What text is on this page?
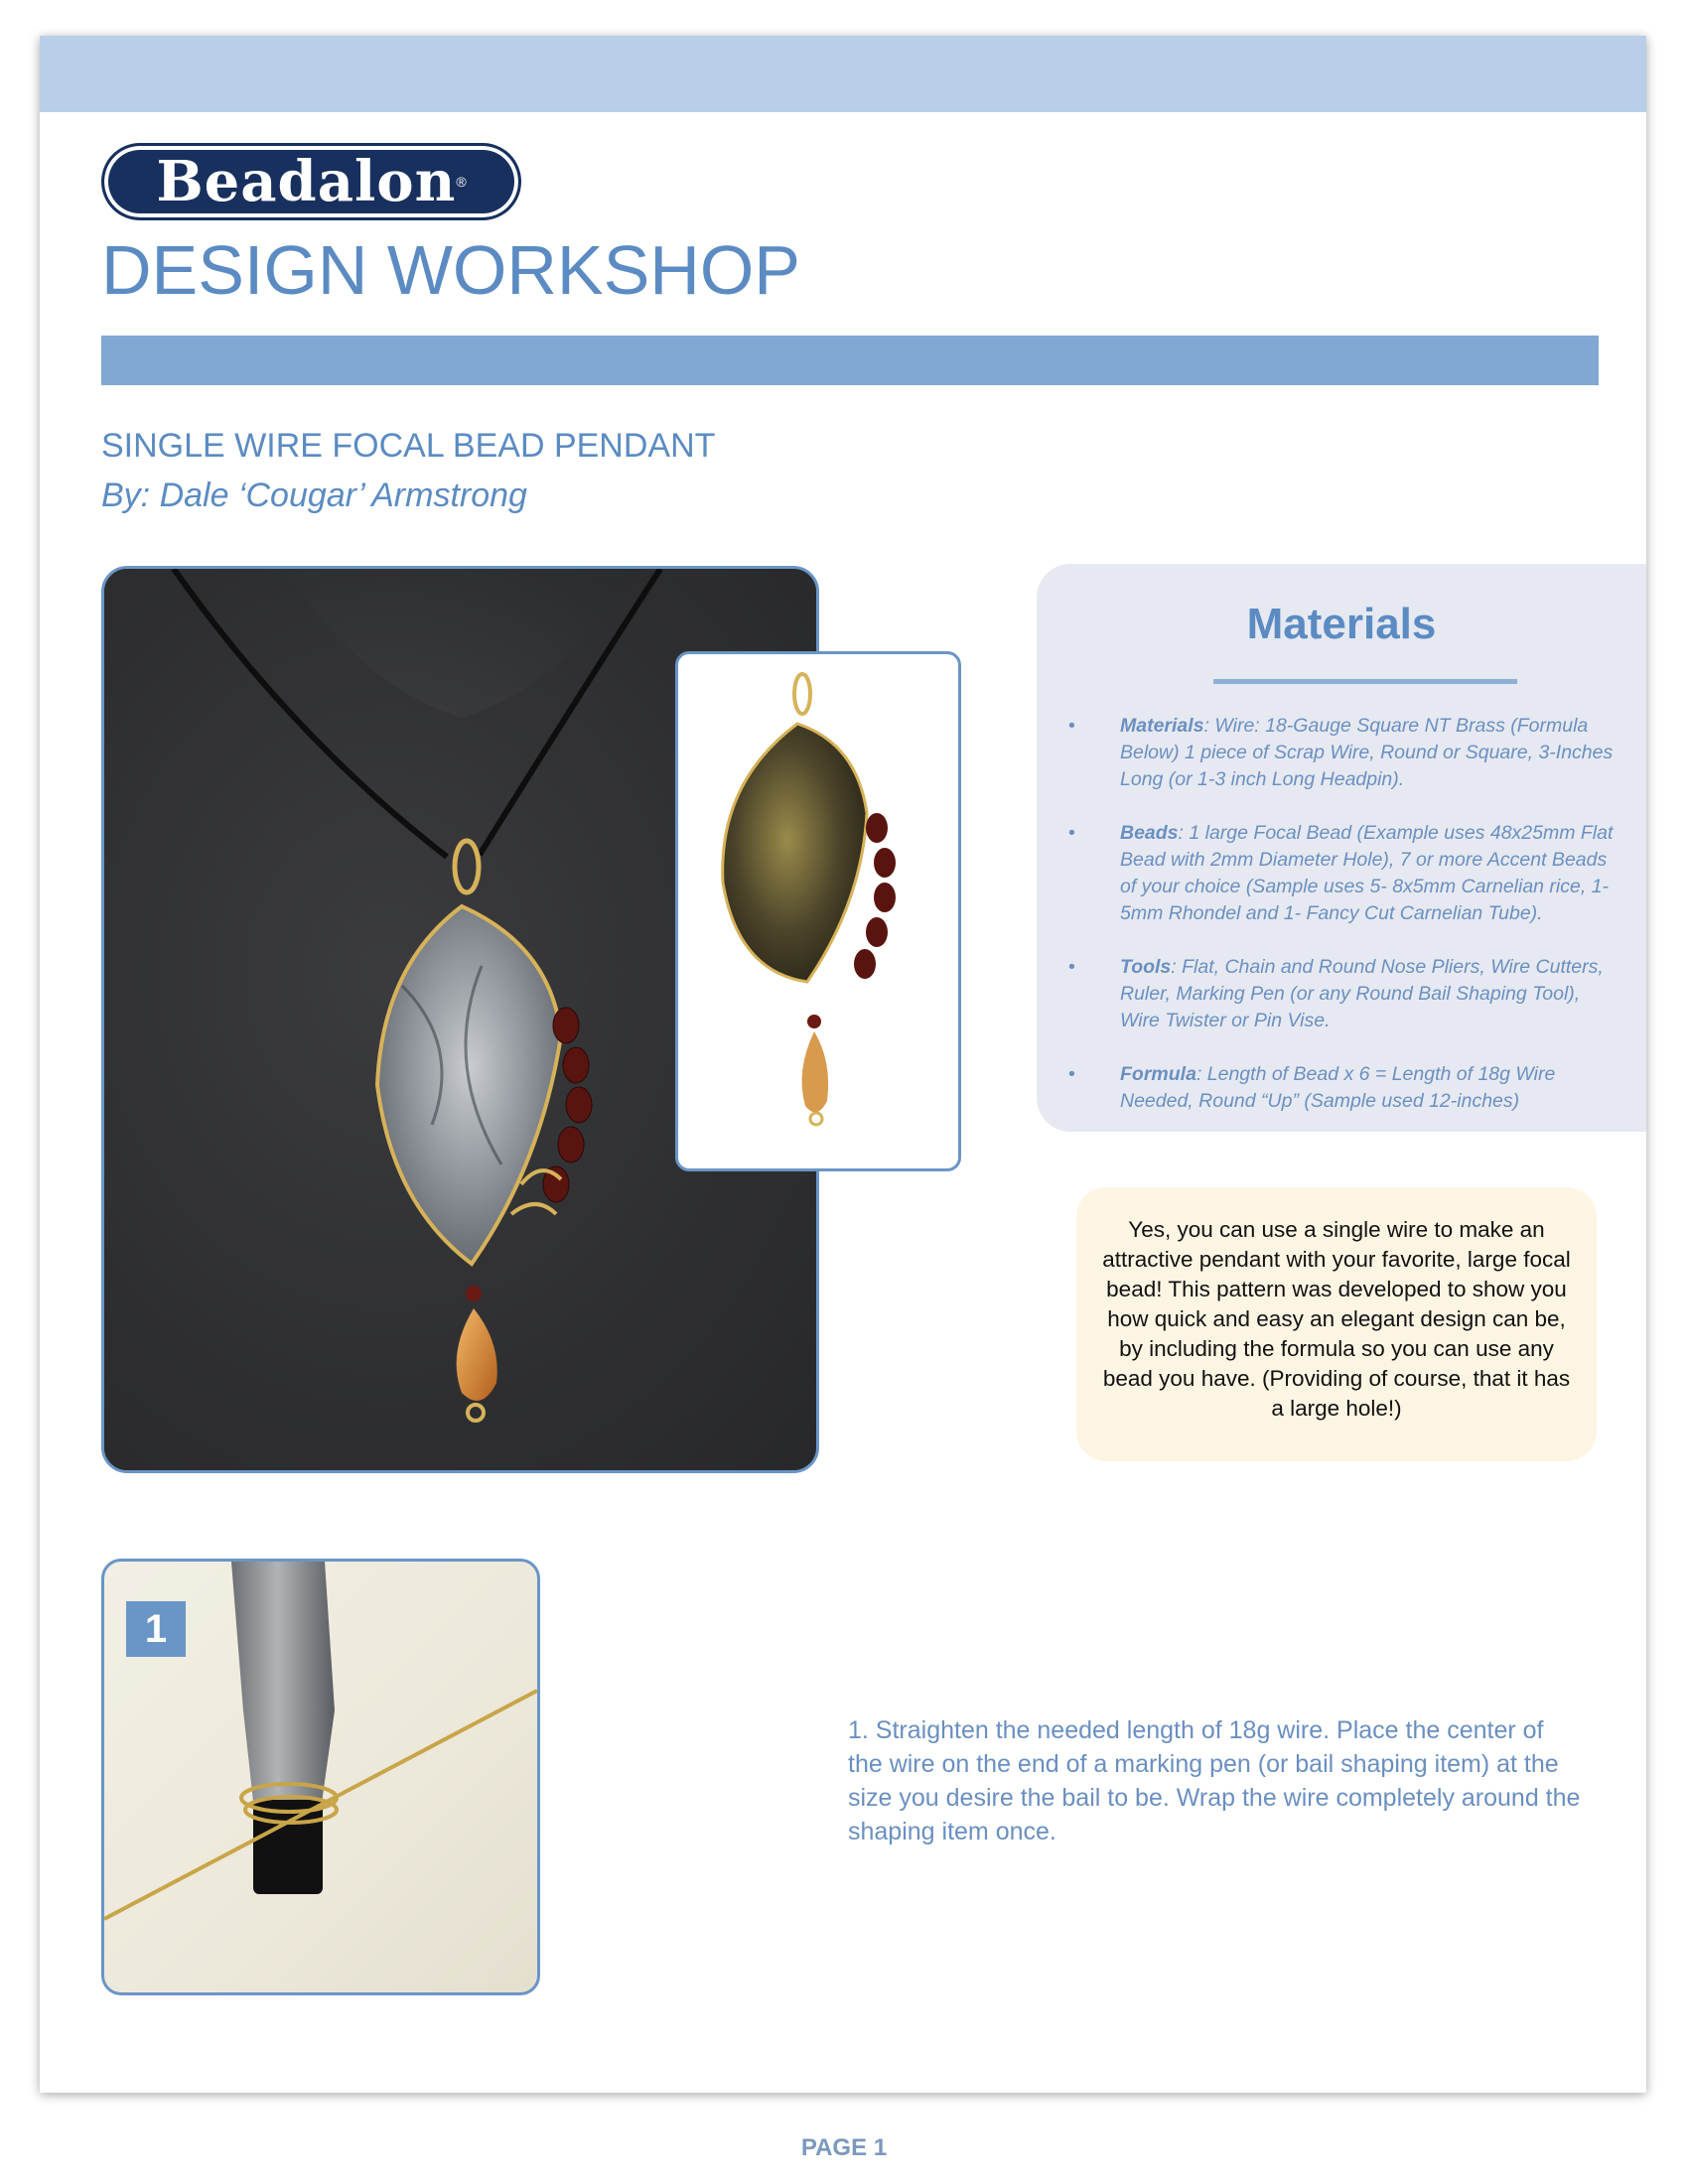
Beadalon ®
DESIGN WORKSHOP
SINGLE WIRE FOCAL BEAD PENDANT
By: Dale ‘Cougar’ Armstrong
Materials
• Materials: Wire: 18-Gauge Square NT Brass (Formula Below) 1 piece of Scrap Wire, Round or Square, 3-Inches Long (or 1-3 inch Long Headpin).
• Beads: 1 large Focal Bead (Example uses 48x25mm Flat Bead with 2mm Diameter Hole), 7 or more Accent Beads of your choice (Sample uses 5- 8x5mm Carnelian rice, 1- 5mm Rhondel and 1- Fancy Cut Carnelian Tube).
• Tools: Flat, Chain and Round Nose Pliers, Wire Cutters, Ruler, Marking Pen (or any Round Bail Shaping Tool), Wire Twister or Pin Vise.
• Formula: Length of Bead x 6 = Length of 18g Wire Needed, Round “Up” (Sample used 12-inches)

Yes, you can use a single wire to make an attractive pendant with your favorite, large focal bead! This pattern was developed to show you how quick and easy an elegant design can be, by including the formula so you can use any bead you have. (Providing of course, that it has a large hole!)

1

1. Straighten the needed length of 18g wire. Place the center of the wire on the end of a marking pen (or bail shaping item) at the size you desire the bail to be. Wrap the wire completely around the shaping item once.

PAGE 1
